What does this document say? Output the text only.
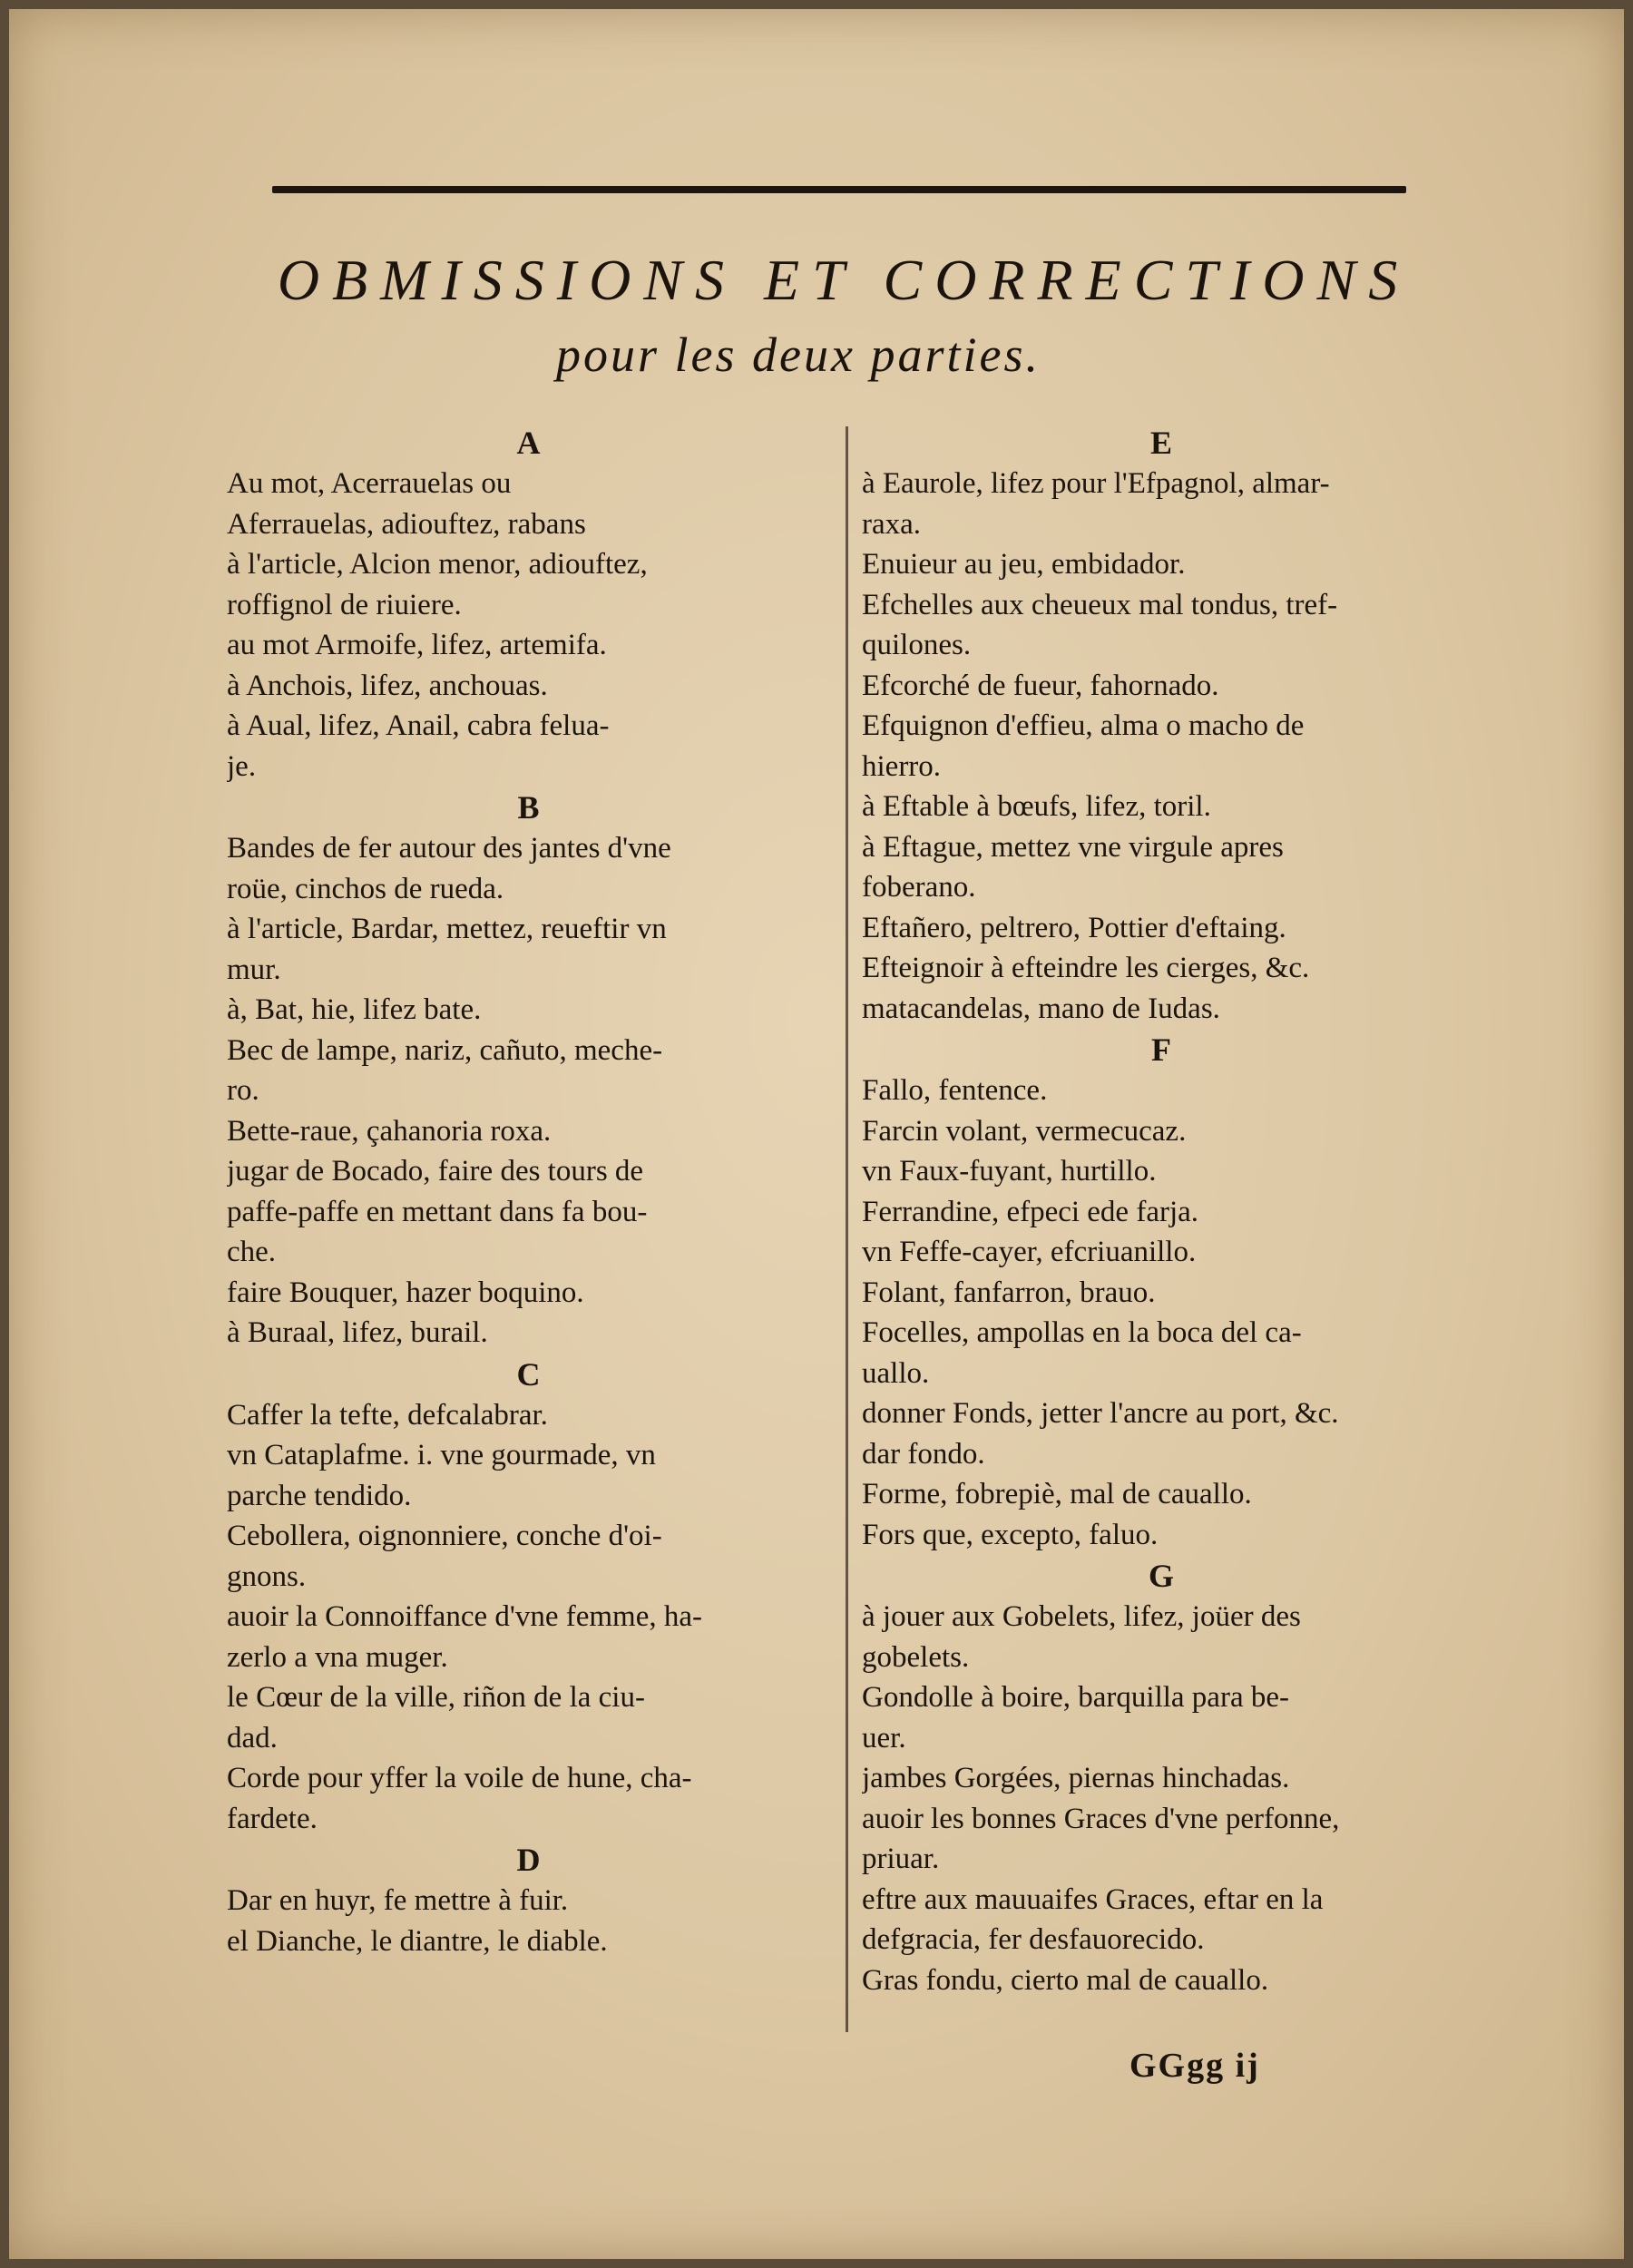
OBMISSIONS ET CORRECTIONS
pour les deux parties.
A
Au mot, Acerrauelas ou
Aferrauelas, adiouftez, rabans
à l'article, Alcion menor, adiouftez,
roffignol de riuiere.
au mot Armoife, lifez, artemifa.
à Anchois, lifez, anchouas.
à Aual, lifez, Anail, cabra felua-
je.
B
Bandes de fer autour des jantes d'vne
roüe, cinchos de rueda.
à l'article, Bardar, mettez, reueftir vn
mur.
à, Bat, hie, lifez bate.
Bec de lampe, nariz, cañuto, meche-
ro.
Bette-raue, çahanoria roxa.
jugar de Bocado, faire des tours de
paffe-paffe en mettant dans fa bou-
che.
faire Bouquer, hazer boquino.
à Buraal, lifez, burail.
C
Caffer la tefte, defcalabrar.
vn Cataplafme. i. vne gourmade, vn
parche tendido.
Cebollera, oignonniere, conche d'oi-
gnons.
auoir la Connoiffance d'vne femme, ha-
zerlo a vna muger.
le Cœur de la ville, riñon de la ciu-
dad.
Corde pour yffer la voile de hune, cha-
fardete.
D
Dar en huyr, fe mettre à fuir.
el Dianche, le diantre, le diable.
E
à Eaurole, lifez pour l'Efpagnol, almar-
raxa.
Enuieur au jeu, embidador.
Efchelles aux cheueux mal tondus, tref-
quilones.
Efcorché de fueur, fahornado.
Efquignon d'effieu, alma o macho de
hierro.
à Eftable à bœufs, lifez, toril.
à Eftague, mettez vne virgule apres
foberano.
Eftañero, peltrero, Pottier d'eftaing.
Efteignoir à efteindre les cierges, &c.
matacandelas, mano de Iudas.
F
Fallo, fentence.
Farcin volant, vermecucaz.
vn Faux-fuyant, hurtillo.
Ferrandine, efpeci ede farja.
vn Feffe-cayer, efcriuanillo.
Folant, fanfarron, brauo.
Focelles, ampollas en la boca del ca-
uallo.
donner Fonds, jetter l'ancre au port, &c.
dar fondo.
Forme, fobrepiè, mal de cauallo.
Fors que, excepto, faluo.
G
à jouer aux Gobelets, lifez, joüer des
gobelets.
Gondolle à boire, barquilla para be-
uer.
jambes Gorgées, piernas hinchadas.
auoir les bonnes Graces d'vne perfonne,
priuar.
eftre aux mauuaifes Graces, eftar en la
defgracia, fer desfauorecido.
Gras fondu, cierto mal de cauallo.
GGgg ij
